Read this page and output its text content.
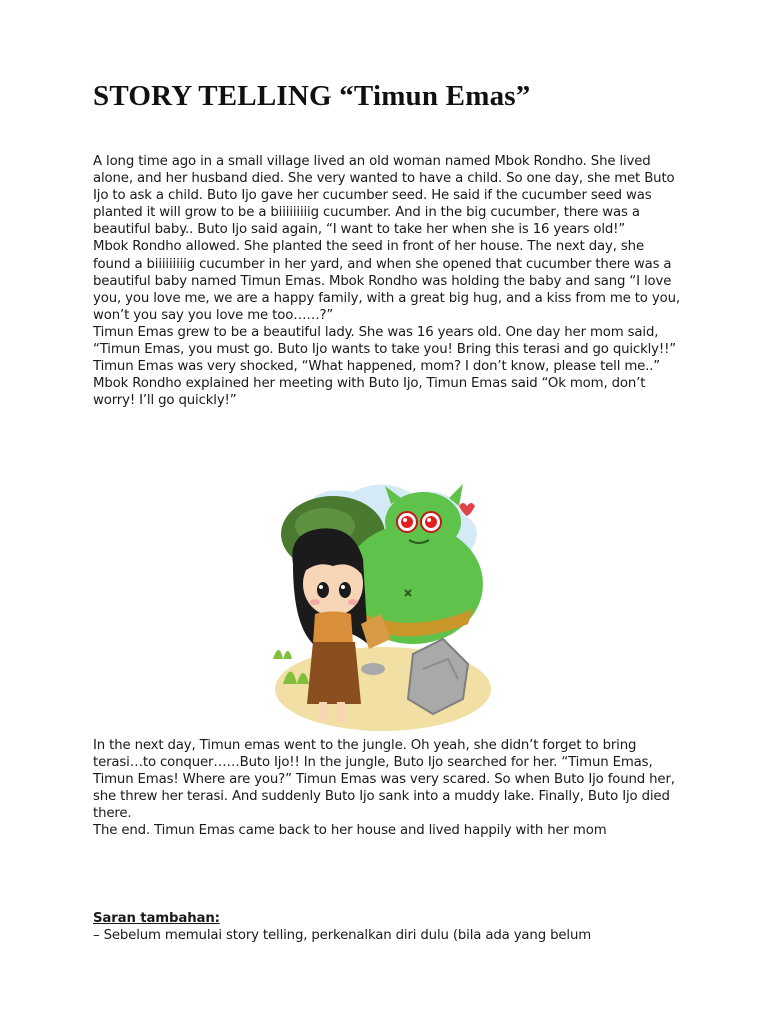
STORY TELLING “Timun Emas”

A long time ago in a small village lived an old woman named Mbok Rondho. She lived alone, and her husband died. She very wanted to have a child. So one day, she met Buto Ijo to ask a child. Buto Ijo gave her cucumber seed. He said if the cucumber seed was planted it will grow to be a biiiiiiiiig cucumber. And in the big cucumber, there was a beautiful baby.. Buto Ijo said again, “I want to take her when she is 16 years old!”

Mbok Rondho allowed. She planted the seed in front of her house. The next day, she found a biiiiiiiiig cucumber in her yard, and when she opened that cucumber there was a beautiful baby named Timun Emas. Mbok Rondho was holding the baby and sang “I love you, you love me, we are a happy family, with a great big hug, and a kiss from me to you, won’t you say you love me too……?”

Timun Emas grew to be a beautiful lady. She was 16 years old. One day her mom said, “Timun Emas, you must go. Buto Ijo wants to take you! Bring this terasi and go quickly!!”

Timun Emas was very shocked, “What happened, mom? I don’t know, please tell me..”

Mbok Rondho explained her meeting with Buto Ijo, Timun Emas said “Ok mom, don’t worry! I’ll go quickly!”

In the next day, Timun emas went to the jungle. Oh yeah, she didn’t forget to bring terasi…to conquer……Buto Ijo!! In the jungle, Buto Ijo searched for her. “Timun Emas, Timun Emas! Where are you?” Timun Emas was very scared. So when Buto Ijo found her, she threw her terasi. And suddenly Buto Ijo sank into a muddy lake. Finally, Buto Ijo died there.

The end. Timun Emas came back to her house and lived happily with her mom

Saran tambahan:

– Sebelum memulai story telling, perkenalkan diri dulu (bila ada yang belum
